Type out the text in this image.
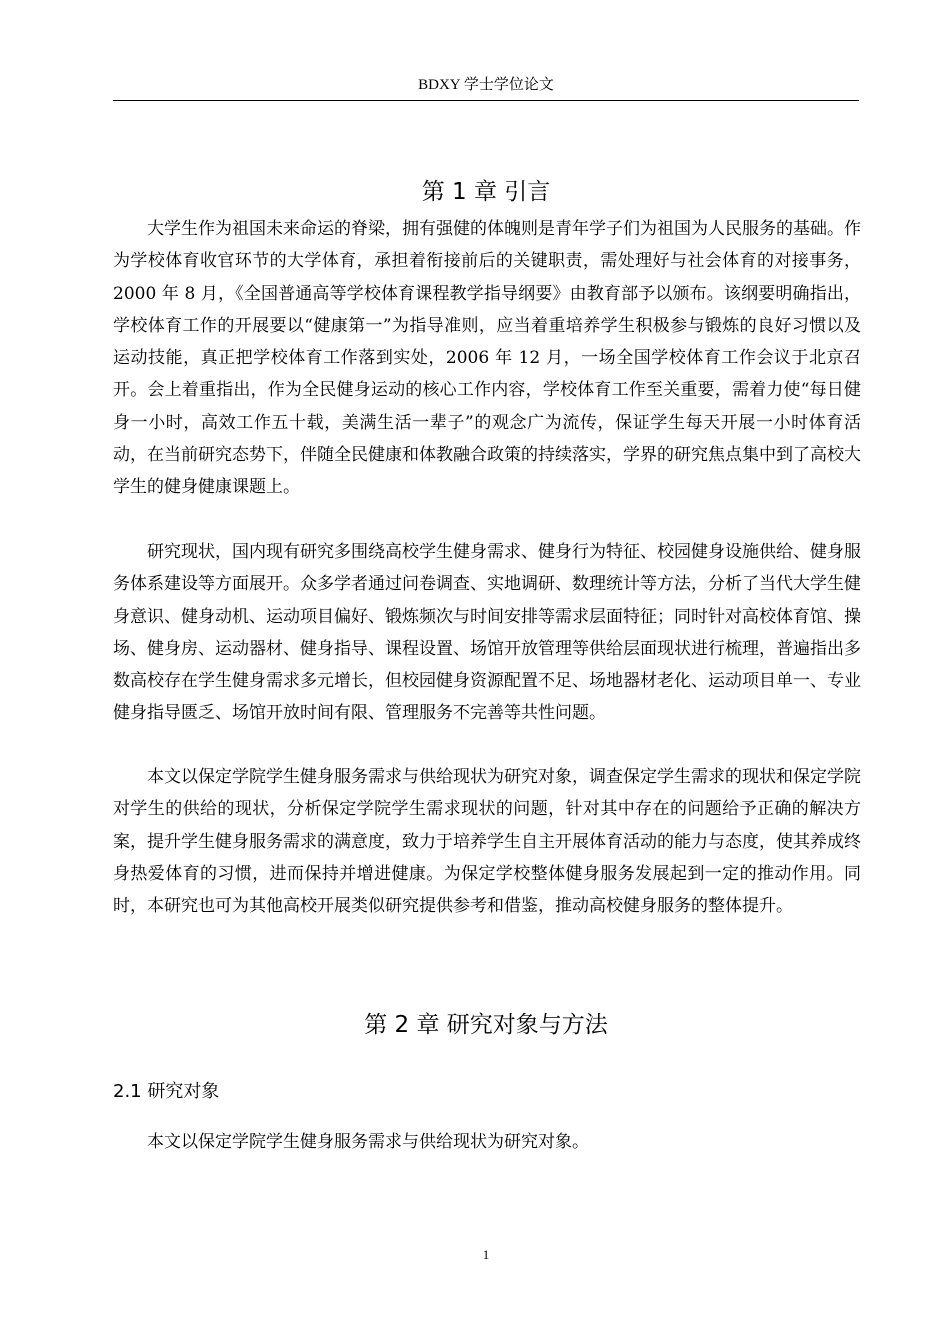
BDXY 学士学位论文
第 1 章 引言

大学生作为祖国未来命运的脊梁，拥有强健的体魄则是青年学子们为祖国为人民服务的基础。作为学校体育收官环节的大学体育，承担着衔接前后的关键职责，需处理好与社会体育的对接事务，2000 年 8 月，《全国普通高等学校体育课程教学指导纲要》由教育部予以颁布。该纲要明确指出，学校体育工作的开展要以“健康第一”为指导准则，应当着重培养学生积极参与锻炼的良好习惯以及运动技能，真正把学校体育工作落到实处，2006 年 12 月，一场全国学校体育工作会议于北京召开。会上着重指出，作为全民健身运动的核心工作内容，学校体育工作至关重要，需着力使“每日健身一小时，高效工作五十载，美满生活一辈子”的观念广为流传，保证学生每天开展一小时体育活动，在当前研究态势下，伴随全民健康和体教融合政策的持续落实，学界的研究焦点集中到了高校大学生的健身健康课题上。

研究现状，国内现有研究多围绕高校学生健身需求、健身行为特征、校园健身设施供给、健身服务体系建设等方面展开。众多学者通过问卷调查、实地调研、数理统计等方法，分析了当代大学生健身意识、健身动机、运动项目偏好、锻炼频次与时间安排等需求层面特征；同时针对高校体育馆、操场、健身房、运动器材、健身指导、课程设置、场馆开放管理等供给层面现状进行梳理，普遍指出多数高校存在学生健身需求多元增长，但校园健身资源配置不足、场地器材老化、运动项目单一、专业健身指导匮乏、场馆开放时间有限、管理服务不完善等共性问题。

本文以保定学院学生健身服务需求与供给现状为研究对象，调查保定学生需求的现状和保定学院对学生的供给的现状，分析保定学院学生需求现状的问题，针对其中存在的问题给予正确的解决方案，提升学生健身服务需求的满意度，致力于培养学生自主开展体育活动的能力与态度，使其养成终身热爱体育的习惯，进而保持并增进健康。为保定学校整体健身服务发展起到一定的推动作用。同时，本研究也可为其他高校开展类似研究提供参考和借鉴，推动高校健身服务的整体提升。

第 2 章 研究对象与方法
2.1 研究对象

本文以保定学院学生健身服务需求与供给现状为研究对象。

1
